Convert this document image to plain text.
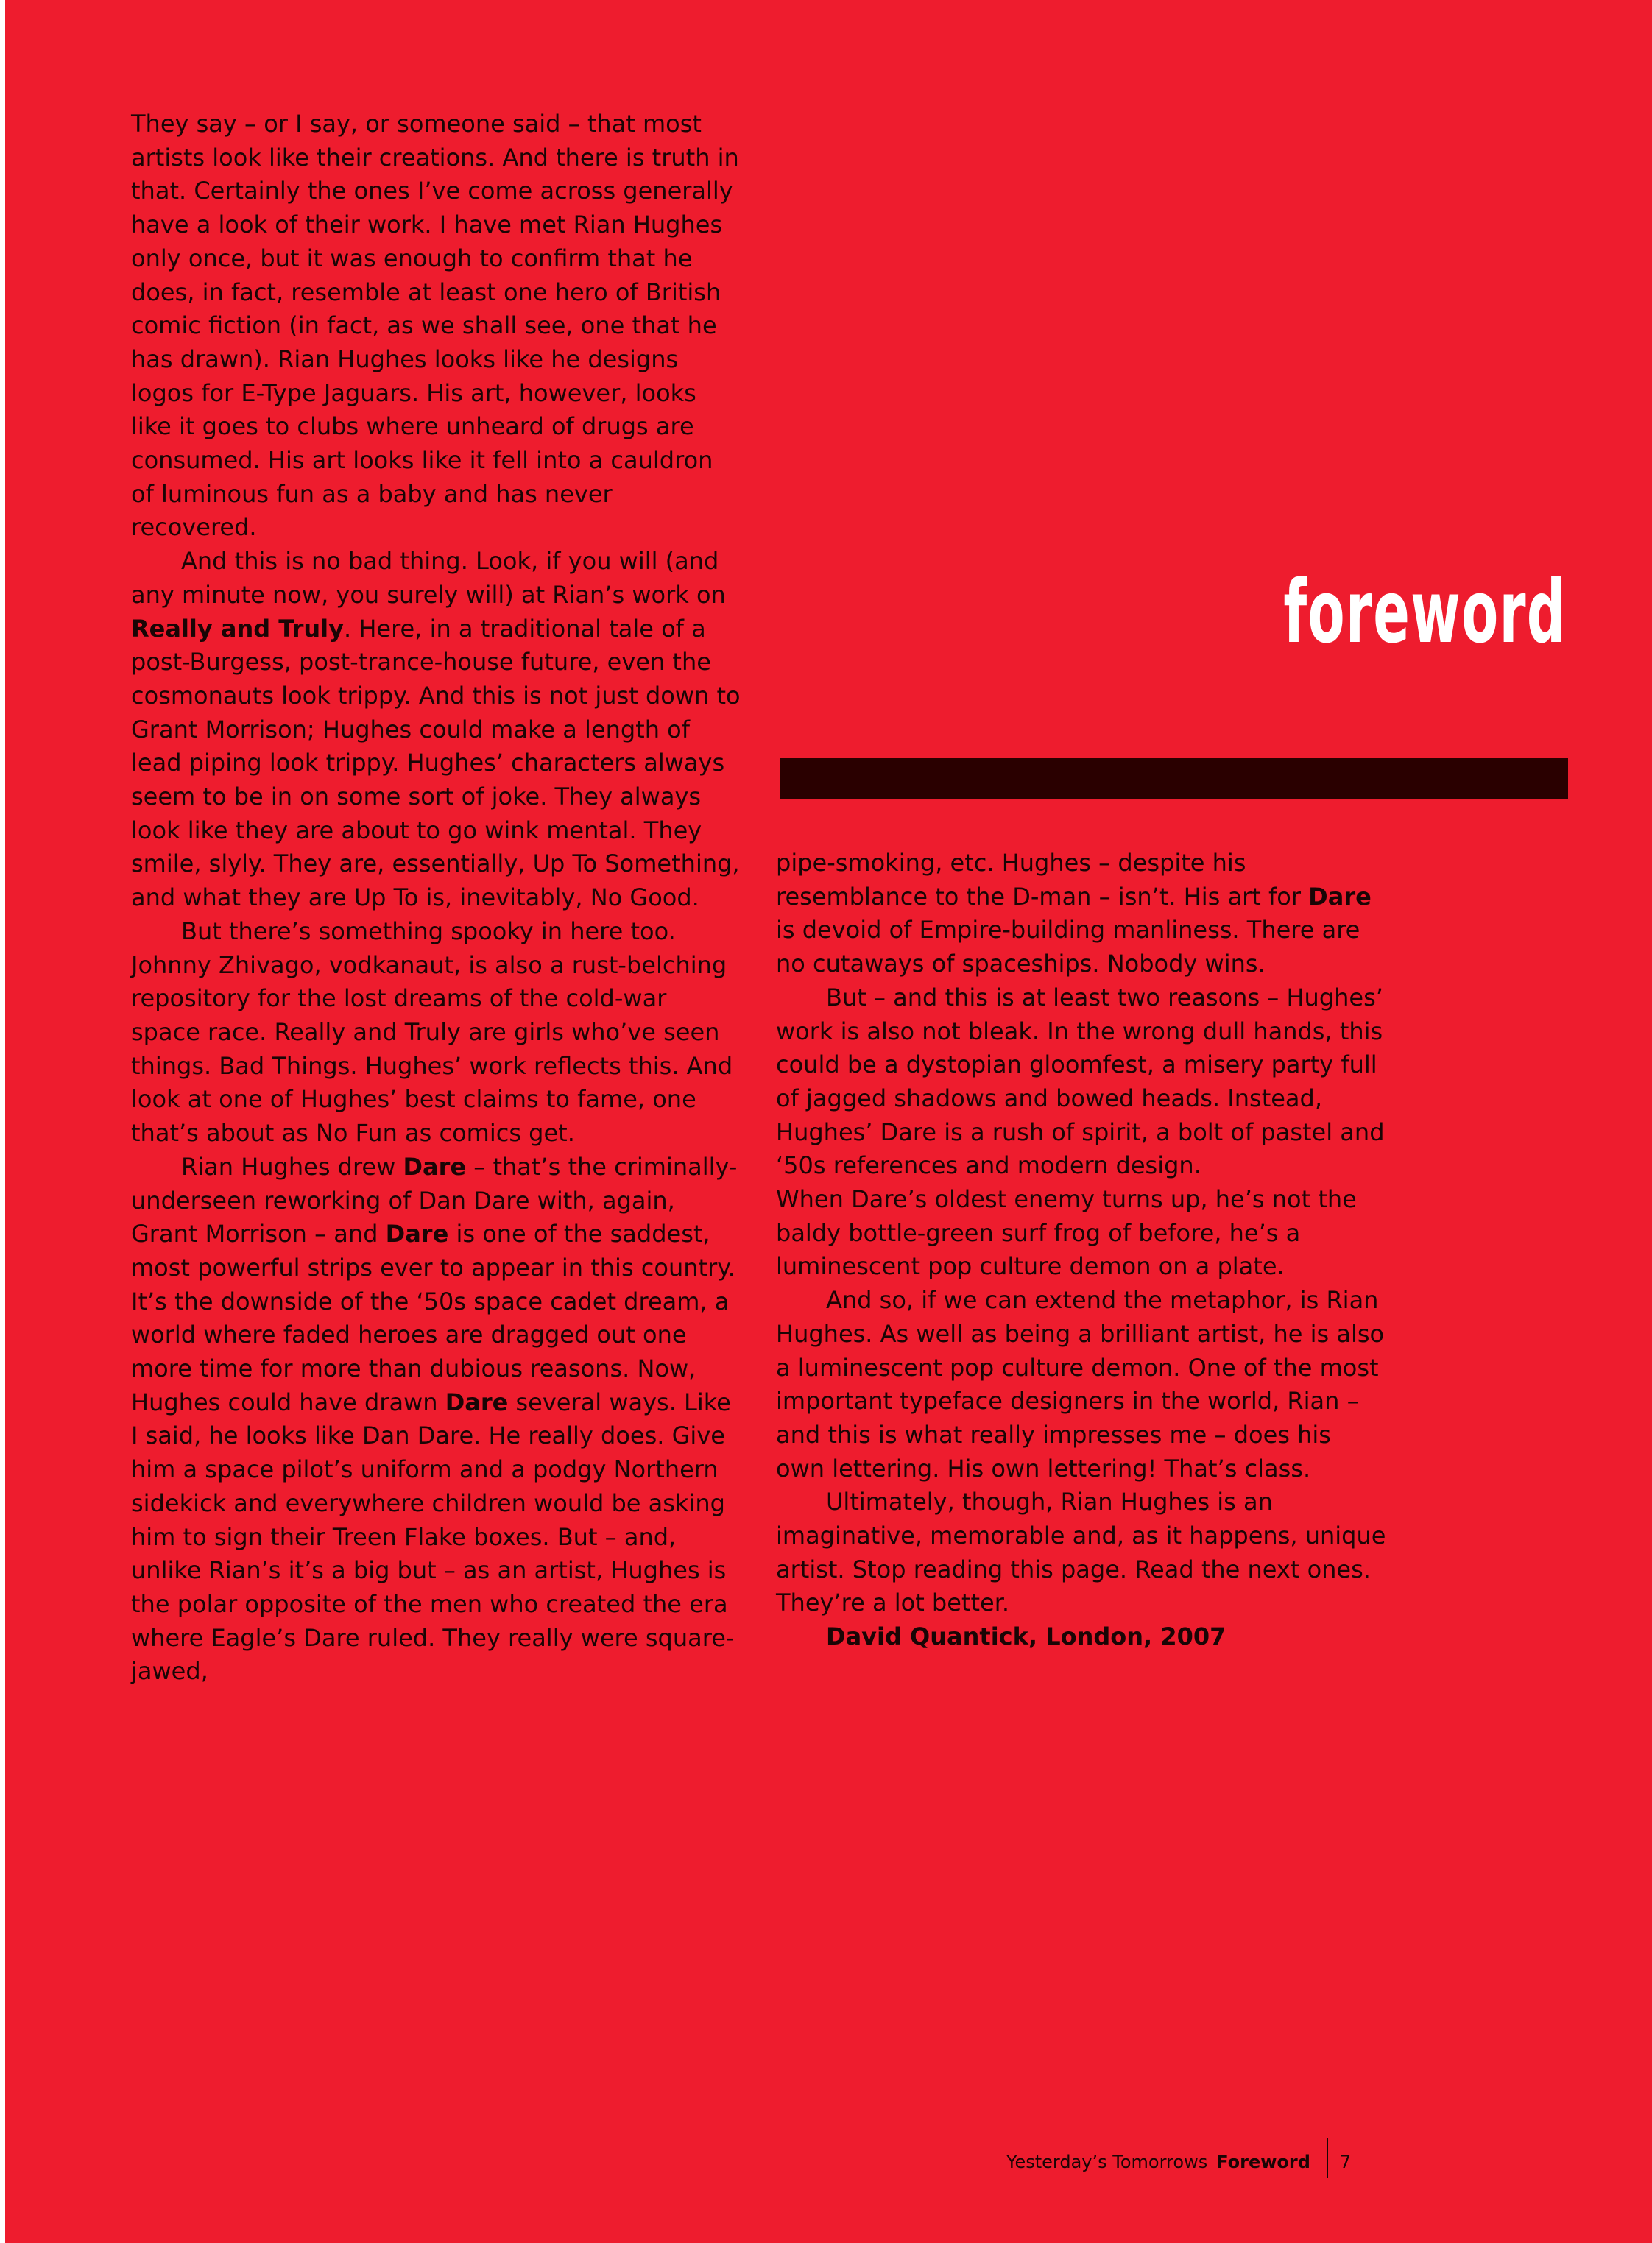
They say – or I say, or someone said – that most artists look like their creations. And there is truth in that. Certainly the ones I’ve come across generally have a look of their work. I have met Rian Hughes only once, but it was enough to confirm that he does, in fact, resemble at least one hero of British comic fiction (in fact, as we shall see, one that he has drawn). Rian Hughes looks like he designs logos for E-Type Jaguars. His art, however, looks like it goes to clubs where unheard of drugs are consumed. His art looks like it fell into a cauldron of luminous fun as a baby and has never recovered.

And this is no bad thing. Look, if you will (and any minute now, you surely will) at Rian’s work on Really and Truly. Here, in a traditional tale of a post-Burgess, post-trance-house future, even the cosmonauts look trippy. And this is not just down to Grant Morrison; Hughes could make a length of lead piping look trippy. Hughes’ characters always seem to be in on some sort of joke. They always look like they are about to go wink mental. They smile, slyly. They are, essentially, Up To Something, and what they are Up To is, inevitably, No Good.

But there’s something spooky in here too. Johnny Zhivago, vodkanaut, is also a rust-belching repository for the lost dreams of the cold-war space race. Really and Truly are girls who’ve seen things. Bad Things. Hughes’ work reflects this. And look at one of Hughes’ best claims to fame, one that’s about as No Fun as comics get.

Rian Hughes drew Dare – that’s the criminally-underseen reworking of Dan Dare with, again, Grant Morrison – and Dare is one of the saddest, most powerful strips ever to appear in this country. It’s the downside of the ‘50s space cadet dream, a world where faded heroes are dragged out one more time for more than dubious reasons. Now, Hughes could have drawn Dare several ways. Like I said, he looks like Dan Dare. He really does. Give him a space pilot’s uniform and a podgy Northern sidekick and everywhere children would be asking him to sign their Treen Flake boxes. But – and, unlike Rian’s it’s a big but – as an artist, Hughes is the polar opposite of the men who created the era where Eagle’s Dare ruled. They really were square-jawed,

foreword

pipe-smoking, etc. Hughes – despite his resemblance to the D-man – isn’t. His art for Dare is devoid of Empire-building manliness. There are no cutaways of spaceships. Nobody wins.

But – and this is at least two reasons – Hughes’ work is also not bleak. In the wrong dull hands, this could be a dystopian gloomfest, a misery party full of jagged shadows and bowed heads. Instead, Hughes’ Dare is a rush of spirit, a bolt of pastel and ‘50s references and modern design.

When Dare’s oldest enemy turns up, he’s not the baldy bottle-green surf frog of before, he’s a luminescent pop culture demon on a plate.

And so, if we can extend the metaphor, is Rian Hughes. As well as being a brilliant artist, he is also a luminescent pop culture demon. One of the most important typeface designers in the world, Rian – and this is what really impresses me – does his own lettering. His own lettering! That’s class.

Ultimately, though, Rian Hughes is an imaginative, memorable and, as it happens, unique artist. Stop reading this page. Read the next ones. They’re a lot better.

David Quantick, London, 2007

Yesterday’s Tomorrows Foreword 7
